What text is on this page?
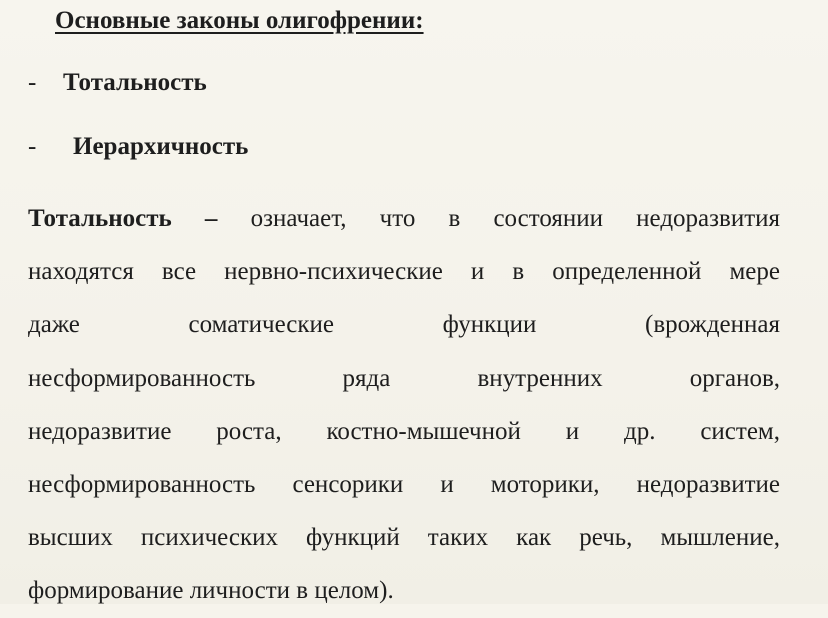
Основные законы олигофрении:
- Тотальность
- Иерархичность
Тотальность – означает, что в состоянии недоразвития
находятся все нервно-психические и в определенной мере
даже соматические функции (врожденная
несформированность ряда внутренних органов,
недоразвитие роста, костно-мышечной и др. систем,
несформированность сенсорики и моторики, недоразвитие
высших психических функций таких как речь, мышление,
формирование личности в целом).
